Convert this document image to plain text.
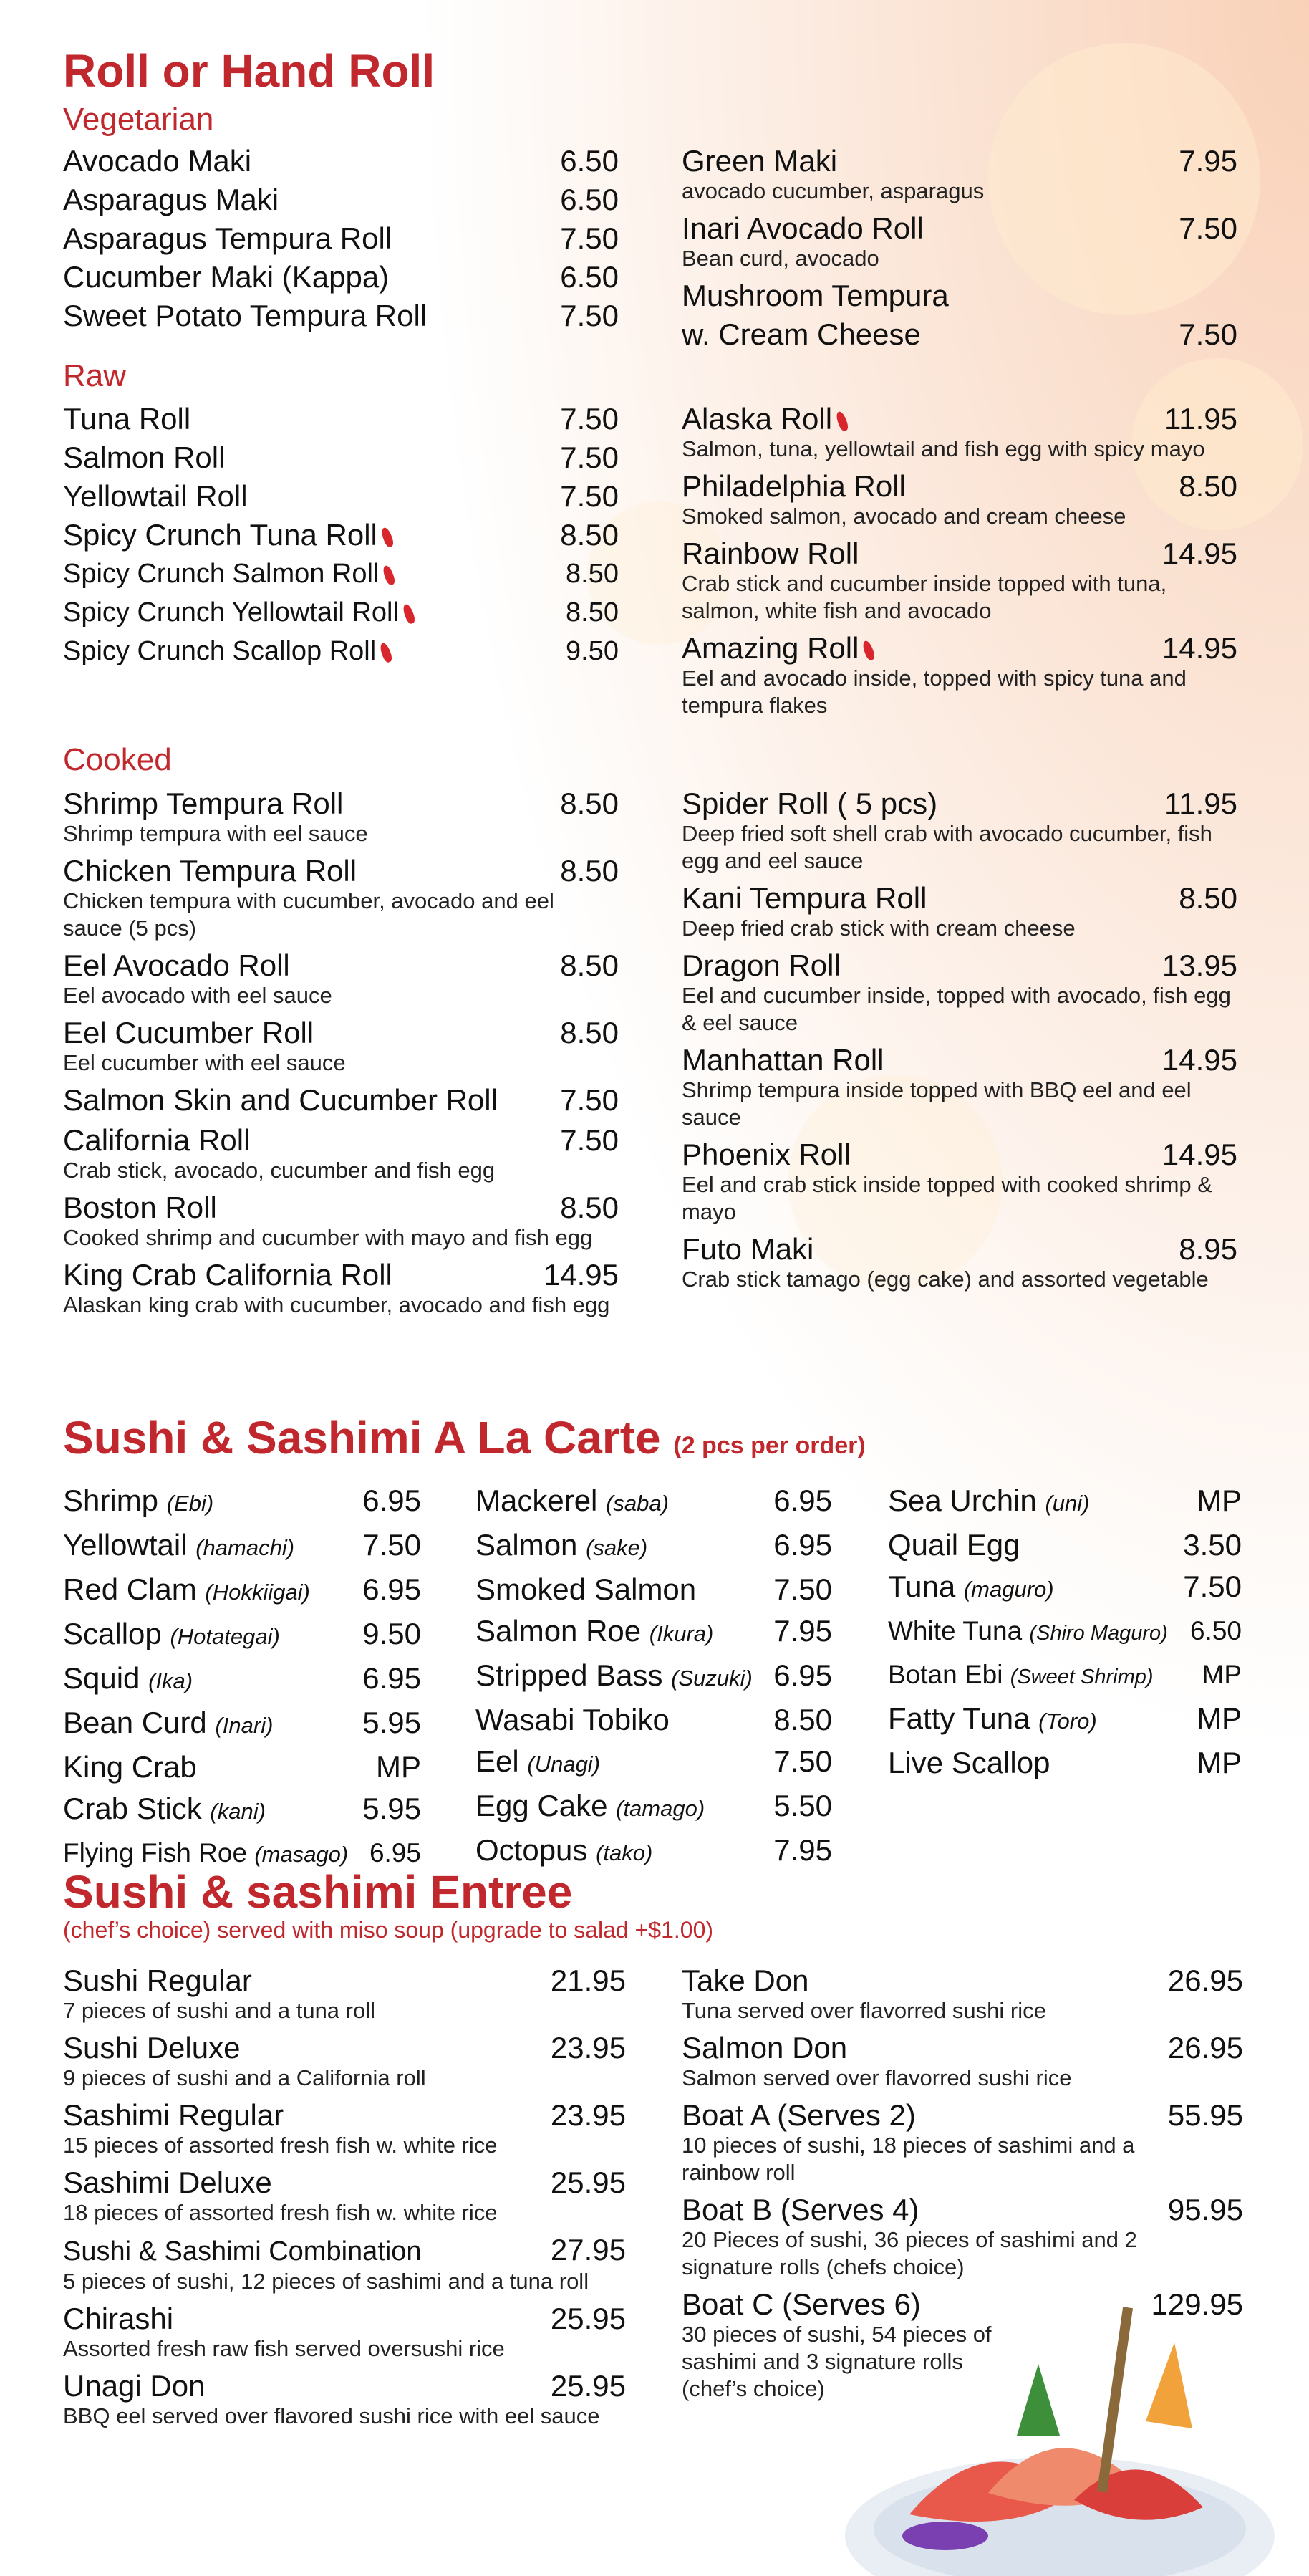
Roll or Hand Roll
Vegetarian
Avocado Maki	6.50
Asparagus Maki	6.50
Asparagus Tempura Roll	7.50
Cucumber Maki (Kappa)	6.50
Sweet Potato Tempura Roll	7.50
Green Maki	7.95
avocado cucumber, asparagus
Inari Avocado Roll	7.50
Bean curd, avocado
Mushroom Tempura
w. Cream Cheese	7.50
Raw
Tuna Roll	7.50
Salmon Roll	7.50
Yellowtail Roll	7.50
Spicy Crunch Tuna Roll	8.50
Spicy Crunch Salmon Roll	8.50
Spicy Crunch Yellowtail Roll	8.50
Spicy Crunch Scallop Roll	9.50
Alaska Roll	11.95
Salmon, tuna, yellowtail and fish egg with spicy mayo
Philadelphia Roll	8.50
Smoked salmon, avocado and cream cheese
Rainbow Roll	14.95
Crab stick and cucumber inside topped with tuna, salmon, white fish and avocado
Amazing Roll	14.95
Eel and avocado inside, topped with spicy tuna and tempura flakes
Cooked
Shrimp Tempura Roll	8.50
Shrimp tempura with eel sauce
Chicken Tempura Roll	8.50
Chicken tempura with cucumber, avocado and eel sauce (5 pcs)
Eel Avocado Roll	8.50
Eel avocado with eel sauce
Eel Cucumber Roll	8.50
Eel cucumber with eel sauce
Salmon Skin and Cucumber Roll 7.50
California Roll	7.50
Crab stick, avocado, cucumber and fish egg
Boston Roll	8.50
Cooked shrimp and cucumber with mayo and fish egg
King Crab California Roll	14.95
Alaskan king crab with cucumber, avocado and fish egg
Spider Roll ( 5 pcs)	11.95
Deep fried soft shell crab with avocado cucumber, fish egg and eel sauce
Kani Tempura Roll	8.50
Deep fried crab stick with cream cheese
Dragon Roll	13.95
Eel and cucumber inside, topped with avocado, fish egg & eel sauce
Manhattan Roll	14.95
Shrimp tempura inside topped with BBQ eel and eel sauce
Phoenix Roll	14.95
Eel and crab stick inside topped with cooked shrimp & mayo
Futo Maki	8.95
Crab stick tamago (egg cake) and assorted vegetable
Sushi & Sashimi A La Carte (2 pcs per order)
Shrimp (Ebi)	6.95
Yellowtail (hamachi) 7.50
Red Clam (Hokkiigai) 6.95
Scallop (Hotategai)	9.50
Squid (Ika)	6.95
Bean Curd (Inari)	5.95
King Crab	MP
Crab Stick (kani)	5.95
Flying Fish Roe (masago) 6.95
Mackerel (saba)	6.95
Salmon (sake)	6.95
Smoked Salmon	7.50
Salmon Roe (Ikura) 7.95
Stripped Bass (Suzuki) 6.95
Wasabi Tobiko	8.50
Eel (Unagi)	7.50
Egg Cake (tamago) 5.50
Octopus (tako)	7.95
Sea Urchin (uni)	MP
Quail Egg	3.50
Tuna (maguro)	7.50
White Tuna (Shiro Maguro) 6.50
Botan Ebi (Sweet Shrimp) MP
Fatty Tuna (Toro)	MP
Live Scallop	MP
Sushi & sashimi Entree
(chef’s choice) served with miso soup (upgrade to salad +$1.00)
Sushi Regular	21.95
7 pieces of sushi and a tuna roll
Sushi Deluxe	23.95
9 pieces of sushi and a California roll
Sashimi Regular	23.95
15 pieces of assorted fresh fish w. white rice
Sashimi Deluxe	25.95
18 pieces of assorted fresh fish w. white rice
Sushi & Sashimi Combination	27.95
5 pieces of sushi, 12 pieces of sashimi and a tuna roll
Chirashi	25.95
Assorted fresh raw fish served oversushi rice
Unagi Don	25.95
BBQ eel served over flavored sushi rice with eel sauce
Take Don	26.95
Tuna served over flavorred sushi rice
Salmon Don	26.95
Salmon served over flavorred sushi rice
Boat A (Serves 2)	55.95
10 pieces of sushi, 18 pieces of sashimi and a rainbow roll
Boat B (Serves 4)	95.95
20 Pieces of sushi, 36 pieces of sashimi and 2 signature rolls (chefs choice)
Boat C (Serves 6)	129.95
30 pieces of sushi, 54 pieces of sashimi and 3 signature rolls (chef’s choice)
